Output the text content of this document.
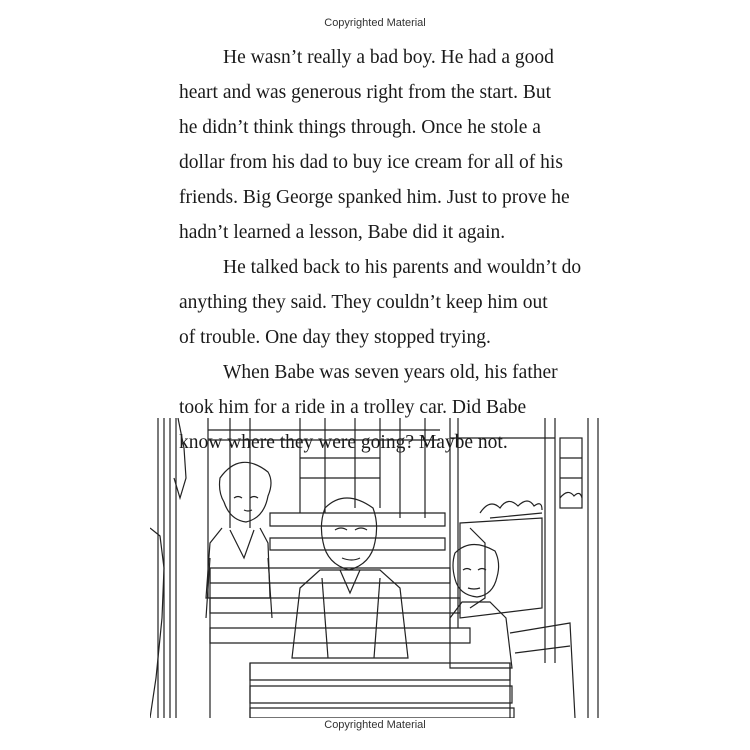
Copyrighted Material

He wasn’t really a bad boy. He had a good
heart and was generous right from the start. But
he didn’t think things through. Once he stole a
dollar from his dad to buy ice cream for all of his
friends. Big George spanked him. Just to prove he
hadn’t learned a lesson, Babe did it again.

He talked back to his parents and wouldn’t do
anything they said. They couldn’t keep him out
of trouble. One day they stopped trying.

When Babe was seven years old, his father
took him for a ride in a trolley car. Did Babe
know where they were going? Maybe not.

Copyrighted Material
